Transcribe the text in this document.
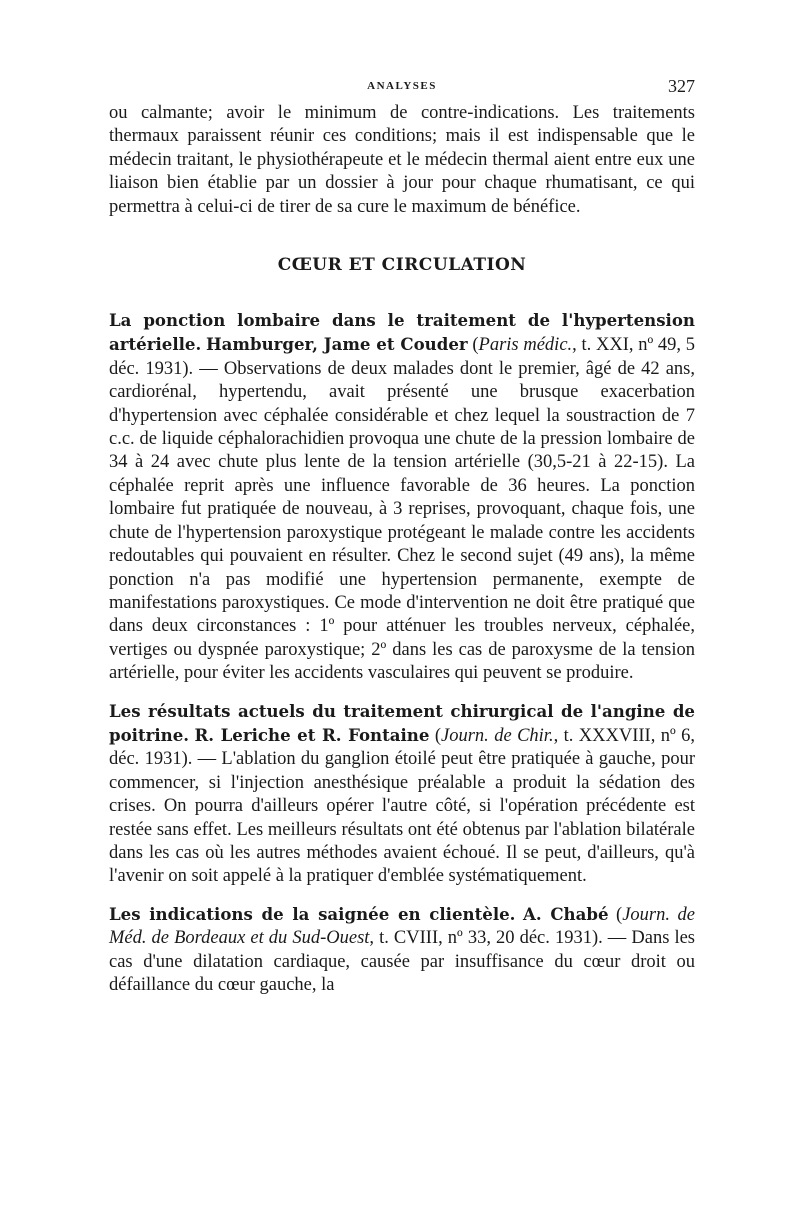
ANALYSES	327

ou calmante; avoir le minimum de contre-indications. Les traitements thermaux paraissent réunir ces conditions; mais il est indispensable que le médecin traitant, le physiothérapeute et le médecin thermal aient entre eux une liaison bien établie par un dossier à jour pour chaque rhumatisant, ce qui permettra à celui-ci de tirer de sa cure le maximum de bénéfice.

CŒUR ET CIRCULATION

La ponction lombaire dans le traitement de l'hypertension artérielle. Hamburger, Jame et Couder (Paris médic., t. XXI, nº 49, 5 déc. 1931). — Observations de deux malades dont le premier, âgé de 42 ans, cardiorénal, hypertendu, avait présenté une brusque exacerbation d'hypertension avec céphalée considérable et chez lequel la soustraction de 7 c.c. de liquide céphalorachidien provoqua une chute de la pression lombaire de 34 à 24 avec chute plus lente de la tension artérielle (30,5-21 à 22-15). La céphalée reprit après une influence favorable de 36 heures. La ponction lombaire fut pratiquée de nouveau, à 3 reprises, provoquant, chaque fois, une chute de l'hypertension paroxystique protégeant le malade contre les accidents redoutables qui pouvaient en résulter. Chez le second sujet (49 ans), la même ponction n'a pas modifié une hypertension permanente, exempte de manifestations paroxystiques. Ce mode d'intervention ne doit être pratiqué que dans deux circonstances : 1º pour atténuer les troubles nerveux, céphalée, vertiges ou dyspnée paroxystique; 2º dans les cas de paroxysme de la tension artérielle, pour éviter les accidents vasculaires qui peuvent se produire.

Les résultats actuels du traitement chirurgical de l'angine de poitrine. R. Leriche et R. Fontaine (Journ. de Chir., t. XXXVIII, nº 6, déc. 1931). — L'ablation du ganglion étoilé peut être pratiquée à gauche, pour commencer, si l'injection anesthésique préalable a produit la sédation des crises. On pourra d'ailleurs opérer l'autre côté, si l'opération précédente est restée sans effet. Les meilleurs résultats ont été obtenus par l'ablation bilatérale dans les cas où les autres méthodes avaient échoué. Il se peut, d'ailleurs, qu'à l'avenir on soit appelé à la pratiquer d'emblée systématiquement.

Les indications de la saignée en clientèle. A. Chabé (Journ. de Méd. de Bordeaux et du Sud-Ouest, t. CVIII, nº 33, 20 déc. 1931). — Dans les cas d'une dilatation cardiaque, causée par insuffisance du cœur droit ou défaillance du cœur gauche, la
